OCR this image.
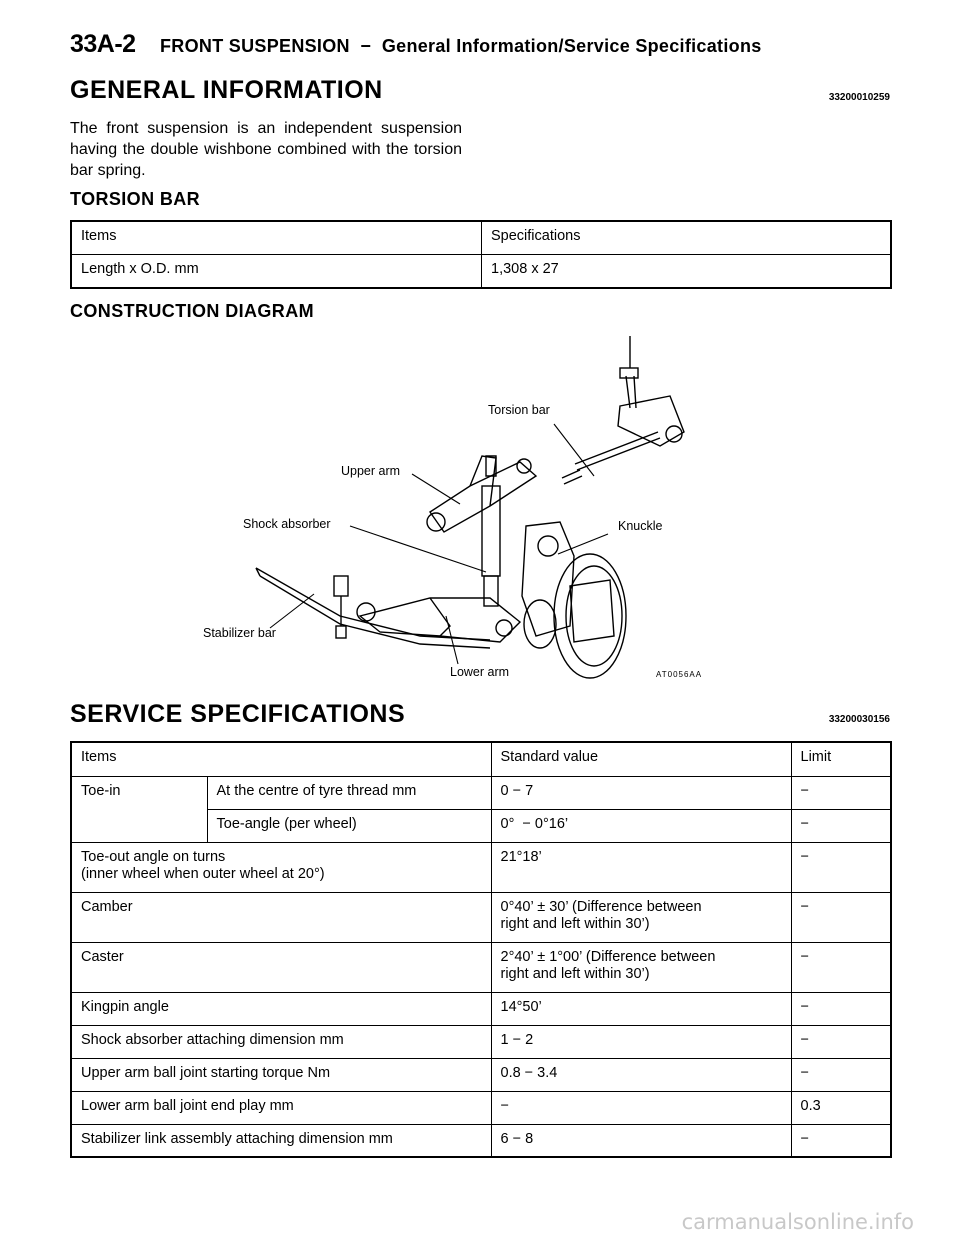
33A-2 FRONT SUSPENSION  −  General Information/Service Specifications
GENERAL INFORMATION	33200010259
The front suspension is an independent suspension having the double wishbone combined with the torsion bar spring.
TORSION BAR
Items	Specifications

Length x O.D. mm	1,308 x 27
CONSTRUCTION DIAGRAM
Torsion bar
Upper arm
Shock absorber	Knuckle
Stabilizer bar
Lower arm	AT0056AA
SERVICE SPECIFICATIONS	33200030156
Items		Standard value	Limit

Toe-in	At the centre of tyre thread mm	0 − 7	−

	Toe-angle (per wheel)	0°  − 0°16’	−

Toe-out angle on turns
(inner wheel when outer wheel at 20°)		21°18’	−

Camber		0°40’ ± 30’ (Difference between
right and left within 30’)	−

Caster		2°40’ ± 1°00’ (Difference between
right and left within 30’)	−

Kingpin angle		14°50’	−

Shock absorber attaching dimension mm		1 − 2	−

Upper arm ball joint starting torque Nm		0.8 − 3.4	−

Lower arm ball joint end play mm		−	0.3

Stabilizer link assembly attaching dimension mm		6 − 8	−
carmanualsonline.info
